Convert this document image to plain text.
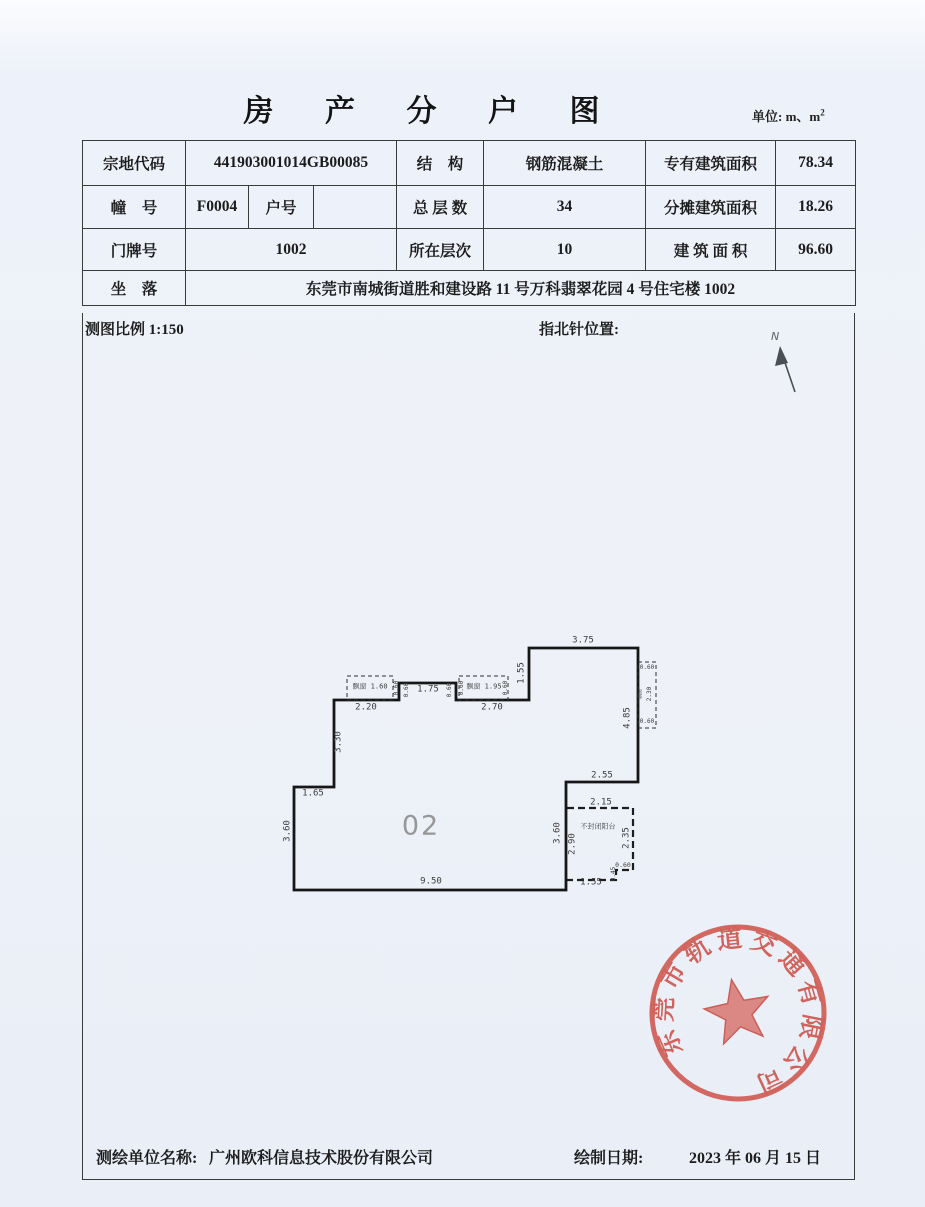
房 产 分 户 图	单位: m、$m^2$
宗地代码	441903001014GB00085			结　构	钢筋混凝土	专有建筑面积	78.34
幢　号	F0004	户号		总 层 数	34	分摊建筑面积	18.26
门牌号	1002			所在层次	10	建 筑 面 积	96.60
坐　落	东莞市南城街道胜和建设路 11 号万科翡翠花园 4 号住宅楼 1002						
测图比例 1:150	指北针位置:	N
飘窗 1.60 0.60
2.20
0.60 1.75 0.60 0.60 飘窗 1.95 0.60
2.70
1.55
3.75
4.85
0.60
飘窗 2.30
0.60
2.55
3.60
2.90
2.15
不封闭阳台
2.35
0.60
0.45
1.55
3.30
1.65
3.60
9.50
02
东莞市轨道交通有限公司
测绘单位名称: 广州欧科信息技术股份有限公司	绘制日期:	2023 年 06 月 15 日
